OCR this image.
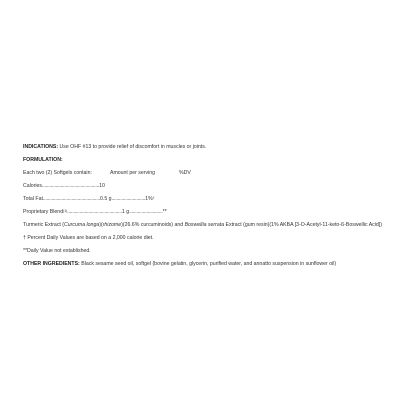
INDICATIONS: Use OHF #13 to provide relief of discomfort in muscles or joints.
FORMULATION:
Each two (2) Softgels contain:	Amount per serving	%DV
Calories..............................................10
Total Fat..............................................0.5 g...........................1%†
Proprietary Blend$^{(1)}$............................................1 g...........................**
Turmeric Extract (Curcuma longa)(rhizome)(26.6% curcuminoids) and Boswellia serrata Extract (gum resin)(1% AKBA [3-O-Acetyl-11-keto-ß-Boswellic Acid])
† Percent Daily Values are based on a 2,000 calorie diet.
**Daily Value not established.
OTHER INGREDIENTS: Black sesame seed oil, softgel (bovine gelatin, glycerin, purified water, and annatto suspension in sunflower oil)
